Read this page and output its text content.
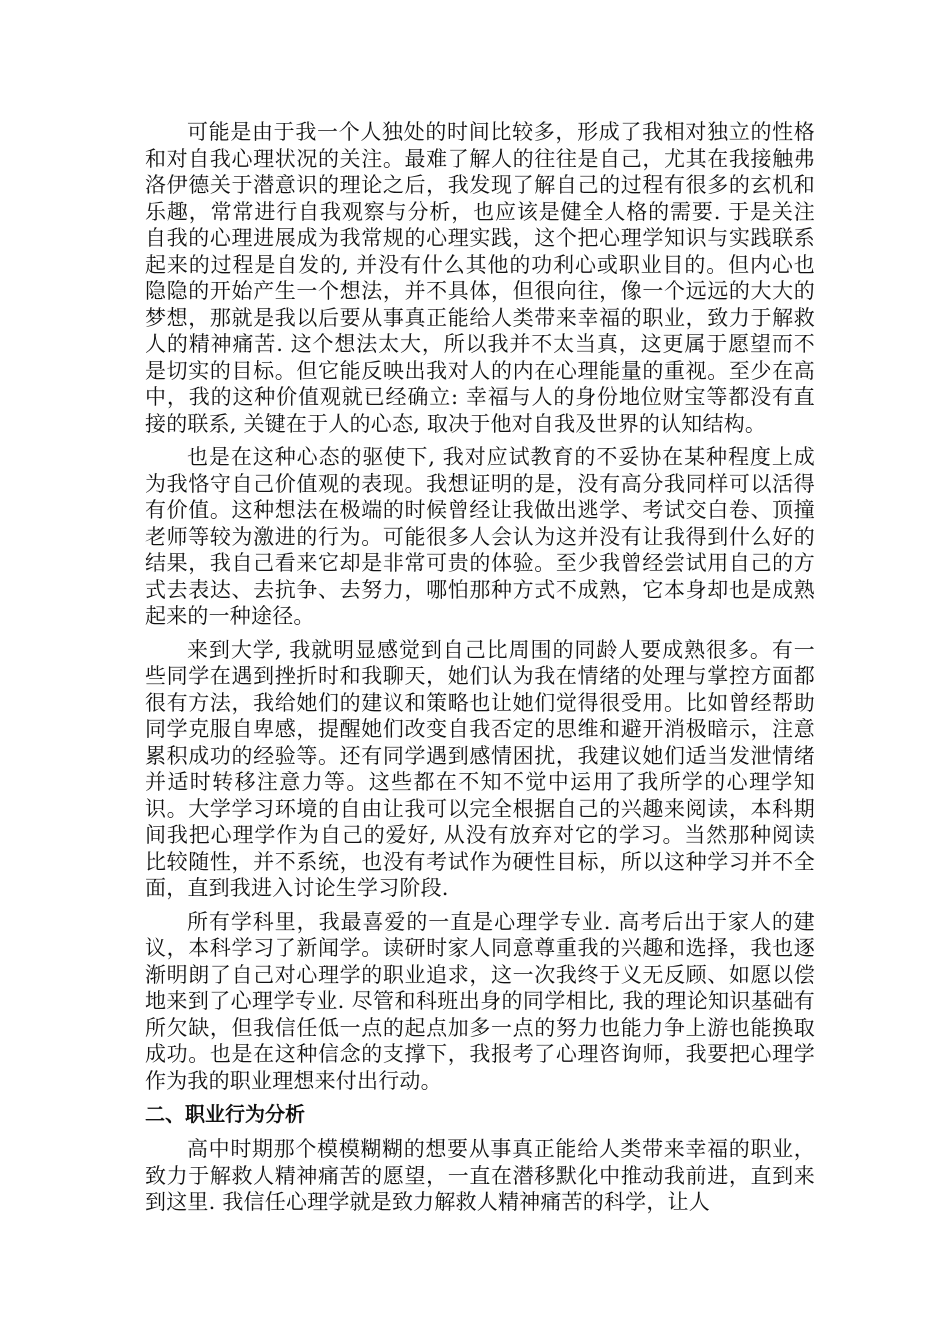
可能是由于我一个人独处的时间比较多，形成了我相对独立的性格和对自我心理状况的关注。最难了解人的往往是自己，尤其在我接触弗洛伊德关于潜意识的理论之后，我发现了解自己的过程有很多的玄机和乐趣，常常进行自我观察与分析，也应该是健全人格的需要. 于是关注自我的心理进展成为我常规的心理实践，这个把心理学知识与实践联系起来的过程是自发的, 并没有什么其他的功利心或职业目的。但内心也隐隐的开始产生一个想法，并不具体，但很向往，像一个远远的大大的梦想，那就是我以后要从事真正能给人类带来幸福的职业，致力于解救人的精神痛苦. 这个想法太大，所以我并不太当真，这更属于愿望而不是切实的目标。但它能反映出我对人的内在心理能量的重视。至少在高中，我的这种价值观就已经确立: 幸福与人的身份地位财宝等都没有直接的联系, 关键在于人的心态, 取决于他对自我及世界的认知结构。

也是在这种心态的驱使下, 我对应试教育的不妥协在某种程度上成为我恪守自己价值观的表现。我想证明的是，没有高分我同样可以活得有价值。这种想法在极端的时候曾经让我做出逃学、考试交白卷、顶撞老师等较为激进的行为。可能很多人会认为这并没有让我得到什么好的结果，我自己看来它却是非常可贵的体验。至少我曾经尝试用自己的方式去表达、去抗争、去努力，哪怕那种方式不成熟，它本身却也是成熟起来的一种途径。

来到大学, 我就明显感觉到自己比周围的同龄人要成熟很多。有一些同学在遇到挫折时和我聊天，她们认为我在情绪的处理与掌控方面都很有方法，我给她们的建议和策略也让她们觉得很受用。比如曾经帮助同学克服自卑感，提醒她们改变自我否定的思维和避开消极暗示，注意累积成功的经验等。还有同学遇到感情困扰，我建议她们适当发泄情绪并适时转移注意力等。这些都在不知不觉中运用了我所学的心理学知识。大学学习环境的自由让我可以完全根据自己的兴趣来阅读，本科期间我把心理学作为自己的爱好, 从没有放弃对它的学习。当然那种阅读比较随性，并不系统，也没有考试作为硬性目标，所以这种学习并不全面，直到我进入讨论生学习阶段.

所有学科里，我最喜爱的一直是心理学专业. 高考后出于家人的建议，本科学习了新闻学。读研时家人同意尊重我的兴趣和选择，我也逐渐明朗了自己对心理学的职业追求，这一次我终于义无反顾、如愿以偿地来到了心理学专业. 尽管和科班出身的同学相比, 我的理论知识基础有所欠缺，但我信任低一点的起点加多一点的努力也能力争上游也能换取成功。也是在这种信念的支撑下，我报考了心理咨询师，我要把心理学作为我的职业理想来付出行动。

二、职业行为分析

高中时期那个模模糊糊的想要从事真正能给人类带来幸福的职业，致力于解救人精神痛苦的愿望，一直在潜移默化中推动我前进，直到来到这里. 我信任心理学就是致力解救人精神痛苦的科学，让人
